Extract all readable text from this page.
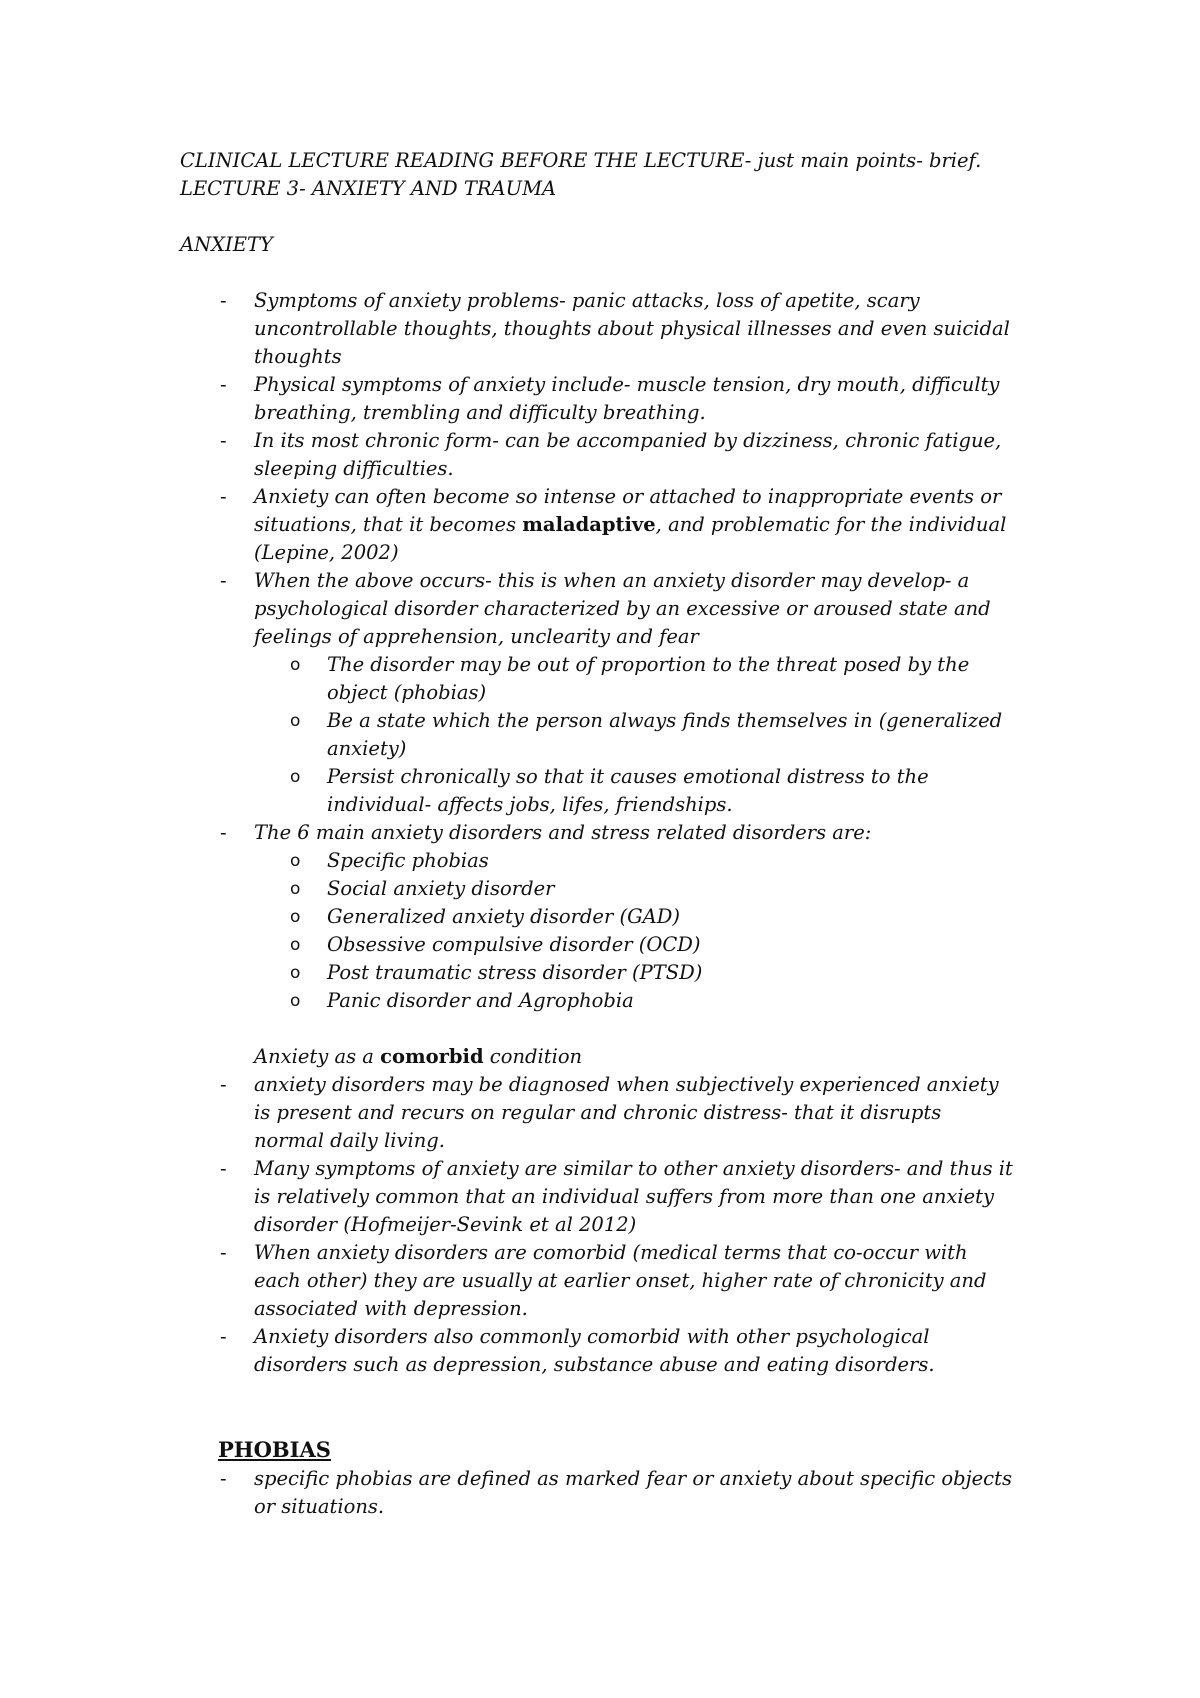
CLINICAL LECTURE READING BEFORE THE LECTURE- just main points- brief.
LECTURE 3- ANXIETY AND TRAUMA
ANXIETY
- Symptoms of anxiety problems- panic attacks, loss of apetite, scary
uncontrollable thoughts, thoughts about physical illnesses and even suicidal
thoughts
- Physical symptoms of anxiety include- muscle tension, dry mouth, difficulty
breathing, trembling and difficulty breathing.
- In its most chronic form- can be accompanied by dizziness, chronic fatigue,
sleeping difficulties.
- Anxiety can often become so intense or attached to inappropriate events or
situations, that it becomes maladaptive, and problematic for the individual
(Lepine, 2002)
- When the above occurs- this is when an anxiety disorder may develop- a
psychological disorder characterized by an excessive or aroused state and
feelings of apprehension, unclearity and fear
o The disorder may be out of proportion to the threat posed by the
object (phobias)
o Be a state which the person always finds themselves in (generalized
anxiety)
o Persist chronically so that it causes emotional distress to the
individual- affects jobs, lifes, friendships.
- The 6 main anxiety disorders and stress related disorders are:
o Specific phobias
o Social anxiety disorder
o Generalized anxiety disorder (GAD)
o Obsessive compulsive disorder (OCD)
o Post traumatic stress disorder (PTSD)
o Panic disorder and Agrophobia
Anxiety as a comorbid condition
- anxiety disorders may be diagnosed when subjectively experienced anxiety
is present and recurs on regular and chronic distress- that it disrupts
normal daily living.
- Many symptoms of anxiety are similar to other anxiety disorders- and thus it
is relatively common that an individual suffers from more than one anxiety
disorder (Hofmeijer-Sevink et al 2012)
- When anxiety disorders are comorbid (medical terms that co-occur with
each other) they are usually at earlier onset, higher rate of chronicity and
associated with depression.
- Anxiety disorders also commonly comorbid with other psychological
disorders such as depression, substance abuse and eating disorders.
PHOBIAS
- specific phobias are defined as marked fear or anxiety about specific objects
or situations.
